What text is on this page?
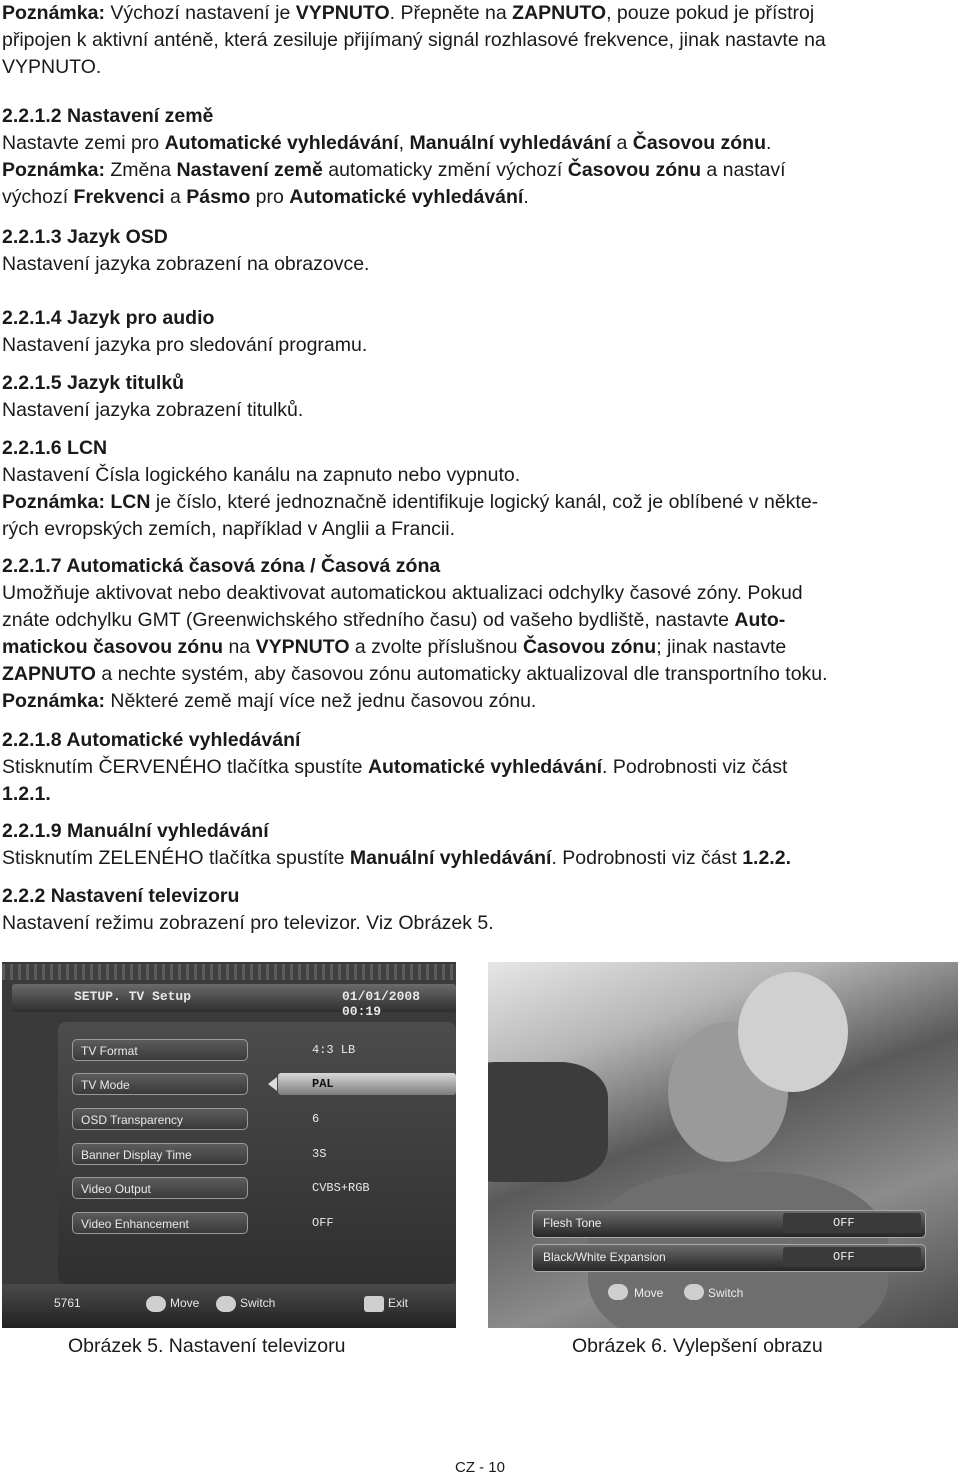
Poznámka: Výchozí nastavení je VYPNUTO. Přepněte na ZAPNUTO, pouze pokud je přístroj

připojen k aktivní anténě, která zesiluje přijímaný signál rozhlasové frekvence, jinak nastavte na

VYPNUTO.

2.2.1.2 Nastavení země

Nastavte zemi pro Automatické vyhledávání, Manuální vyhledávání a Časovou zónu.

Poznámka: Změna Nastavení země automaticky změní výchozí Časovou zónu a nastaví

výchozí Frekvenci a Pásmo pro Automatické vyhledávání.

2.2.1.3 Jazyk OSD

Nastavení jazyka zobrazení na obrazovce.

2.2.1.4 Jazyk pro audio

Nastavení jazyka pro sledování programu.

2.2.1.5 Jazyk titulků

Nastavení jazyka zobrazení titulků.

2.2.1.6 LCN

Nastavení Čísla logického kanálu na zapnuto nebo vypnuto.

Poznámka: LCN je číslo, které jednoznačně identifikuje logický kanál, což je oblíbené v někte-

rých evropských zemích, například v Anglii a Francii.

2.2.1.7 Automatická časová zóna / Časová zóna

Umožňuje aktivovat nebo deaktivovat automatickou aktualizaci odchylky časové zóny. Pokud

znáte odchylku GMT (Greenwichského středního času) od vašeho bydliště, nastavte Auto-

matickou časovou zónu na VYPNUTO a zvolte příslušnou Časovou zónu; jinak nastavte

ZAPNUTO a nechte systém, aby časovou zónu automaticky aktualizoval dle transportního toku.

Poznámka: Některé země mají více než jednu časovou zónu.

2.2.1.8 Automatické vyhledávání

Stisknutím ČERVENÉHO tlačítka spustíte Automatické vyhledávání. Podrobnosti viz část

1.2.1.

2.2.1.9 Manuální vyhledávání

Stisknutím ZELENÉHO tlačítka spustíte Manuální vyhledávání. Podrobnosti viz část 1.2.2.

2.2.2 Nastavení televizoru

Nastavení režimu zobrazení pro televizor. Viz Obrázek 5.

SETUP. TV Setup	01/01/2008 00:19
TV Format	4:3 LB
TV Mode	PAL
OSD Transparency	6
Banner Display Time	3S
Video Output	CVBS+RGB
Video Enhancement	OFF
5761	Move	Switch	Exit
Flesh Tone	OFF
Black/White Expansion	OFF
Move	Switch
Obrázek 5. Nastavení televizoru	Obrázek 6. Vylepšení obrazu
CZ - 10
